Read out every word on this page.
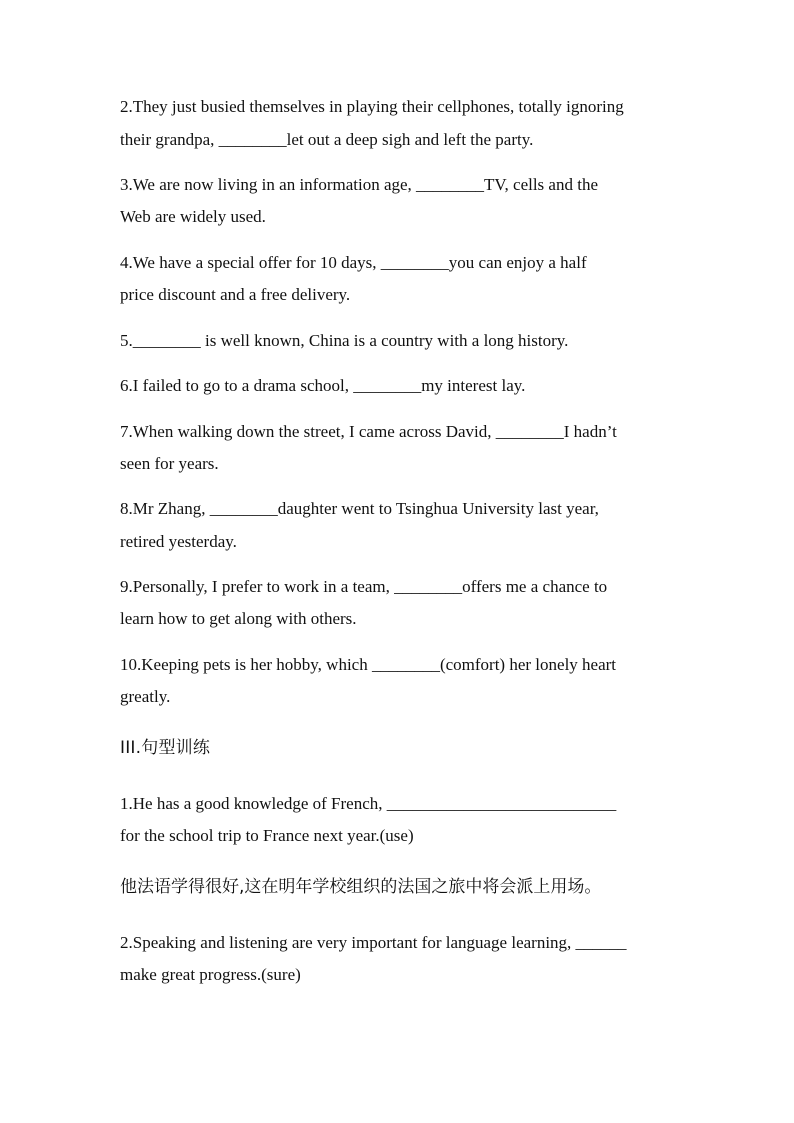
2.They just busied themselves in playing their cellphones, totally ignoring
their grandpa, ________let out a deep sigh and left the party.
3.We are now living in an information age, ________TV, cells and the
Web are widely used.
4.We have a special offer for 10 days, ________you can enjoy a half
price discount and a free delivery.
5.________ is well known, China is a country with a long history.
6.I failed to go to a drama school, ________my interest lay.
7.When walking down the street, I came across David, ________I hadn’t
seen for years.
8.Mr Zhang, ________daughter went to Tsinghua University last year,
retired yesterday.
9.Personally, I prefer to work in a team, ________offers me a chance to
learn how to get along with others.
10.Keeping pets is her hobby, which ________(comfort) her lonely heart
greatly.
III.句型训练
1.He has a good knowledge of French, ___________________________
for the school trip to France next year.(use)
他法语学得很好,这在明年学校组织的法国之旅中将会派上用场。
2.Speaking and listening are very important for language learning, ______
make great progress.(sure)
